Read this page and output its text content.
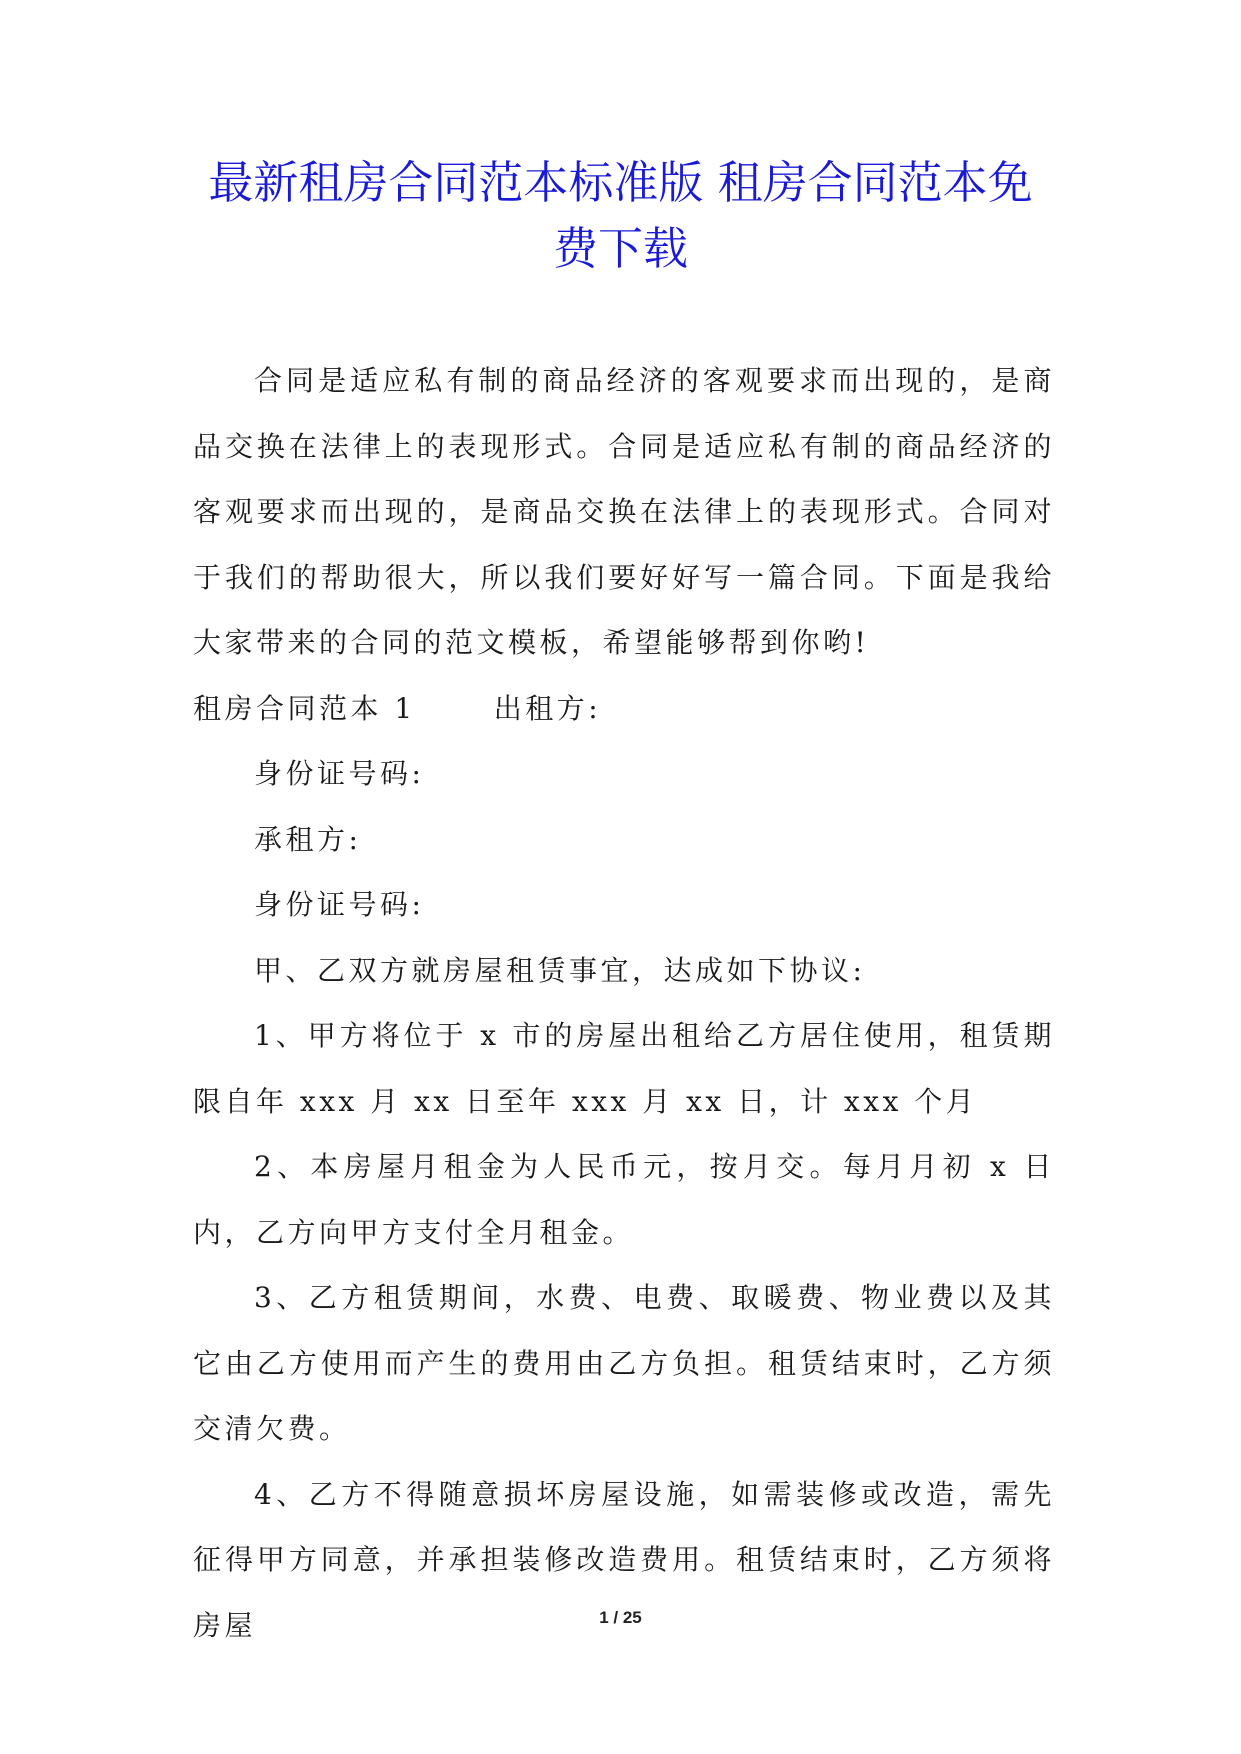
最新租房合同范本标准版 租房合同范本免
费下载

合同是适应私有制的商品经济的客观要求而出现的，是商品交换在法律上的表现形式。合同是适应私有制的商品经济的客观要求而出现的，是商品交换在法律上的表现形式。合同对于我们的帮助很大，所以我们要好好写一篇合同。下面是我给大家带来的合同的范文模板，希望能够帮到你哟!

租房合同范本 1	出租方:

身份证号码:

承租方:

身份证号码:

甲、乙双方就房屋租赁事宜，达成如下协议:

1、甲方将位于 x 市的房屋出租给乙方居住使用，租赁期限自年 xxx 月 xx 日至年 xxx 月 xx 日，计 xxx 个月

2、本房屋月租金为人民币元，按月交。每月月初 x 日内，乙方向甲方支付全月租金。

3、乙方租赁期间，水费、电费、取暖费、物业费以及其它由乙方使用而产生的费用由乙方负担。租赁结束时，乙方须交清欠费。

4、乙方不得随意损坏房屋设施，如需装修或改造，需先征得甲方同意，并承担装修改造费用。租赁结束时，乙方须将房屋	1 / 25
